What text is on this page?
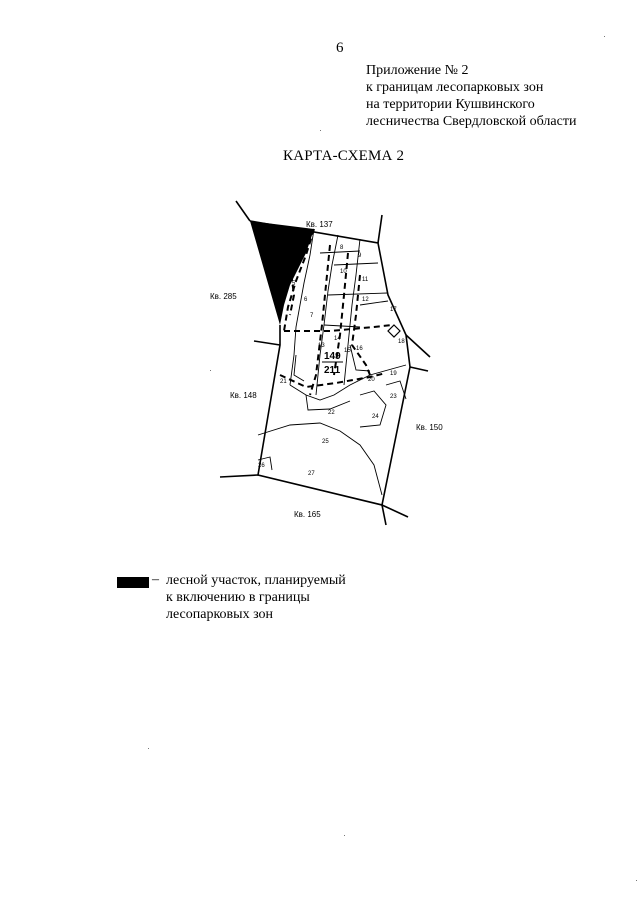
6
Приложение № 2
к границам лесопарковых зон
на территории Кушвинского
лесничества Свердловской области
КАРТА-СХЕМА 2
Кв. 137
Кв. 285
Кв. 148
Кв. 150
Кв. 165
5
6
7
8
9
10
11
12
13
14
15 16
17
18
19
20
21
22
23
24
25
26
27
149
211
– лесной участок, планируемый
к включению в границы
лесопарковых зон
